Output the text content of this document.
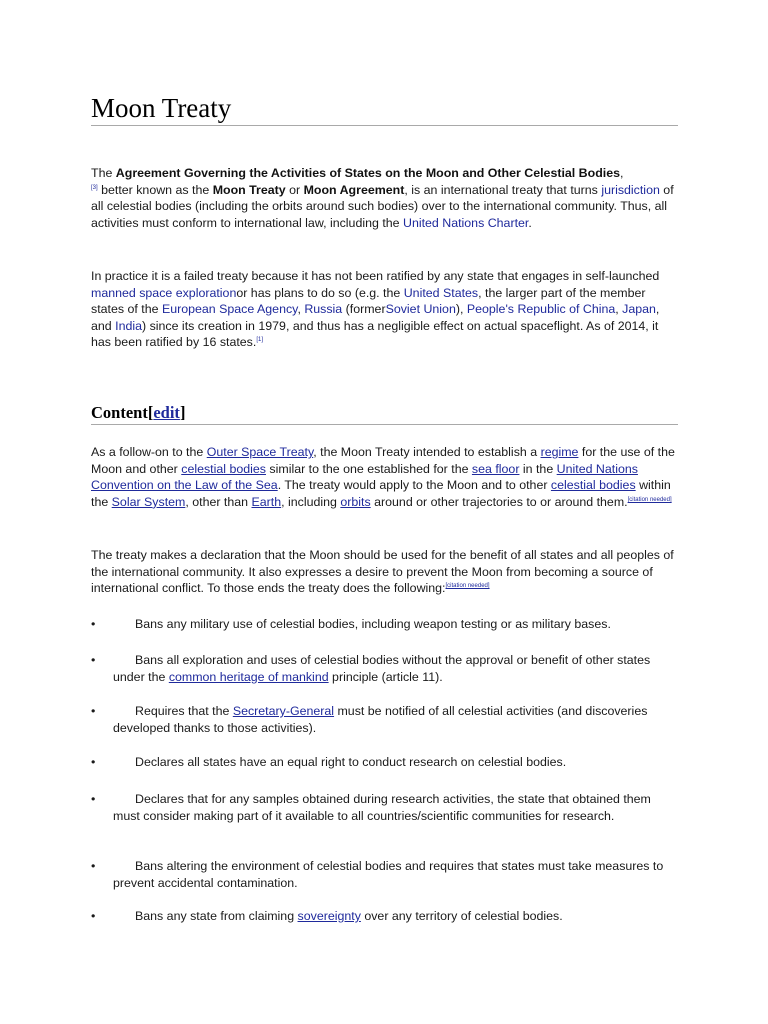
Moon Treaty

The Agreement Governing the Activities of States on the Moon and Other Celestial Bodies,
[3] better known as the Moon Treaty or Moon Agreement, is an international treaty that turns jurisdiction of all celestial bodies (including the orbits around such bodies) over to the international community. Thus, all activities must conform to international law, including the United Nations Charter.

In practice it is a failed treaty because it has not been ratified by any state that engages in self-launched manned space explorationor has plans to do so (e.g. the United States, the larger part of the member states of the European Space Agency, Russia (formerSoviet Union), People's Republic of China, Japan, and India) since its creation in 1979, and thus has a negligible effect on actual spaceflight. As of 2014, it has been ratified by 16 states.[1]

Content[edit]

As a follow-on to the Outer Space Treaty, the Moon Treaty intended to establish a regime for the use of the Moon and other celestial bodies similar to the one established for the sea floor in the United Nations Convention on the Law of the Sea. The treaty would apply to the Moon and to other celestial bodies within the Solar System, other than Earth, including orbits around or other trajectories to or around them.[citation needed]

The treaty makes a declaration that the Moon should be used for the benefit of all states and all peoples of the international community. It also expresses a desire to prevent the Moon from becoming a source of international conflict. To those ends the treaty does the following:[citation needed]

•	Bans any military use of celestial bodies, including weapon testing or as military bases.
•	Bans all exploration and uses of celestial bodies without the approval or benefit of other states under the common heritage of mankind principle (article 11).
•	Requires that the Secretary-General must be notified of all celestial activities (and discoveries developed thanks to those activities).
•	Declares all states have an equal right to conduct research on celestial bodies.
•	Declares that for any samples obtained during research activities, the state that obtained them must consider making part of it available to all countries/scientific communities for research.
•	Bans altering the environment of celestial bodies and requires that states must take measures to prevent accidental contamination.
•	Bans any state from claiming sovereignty over any territory of celestial bodies.
